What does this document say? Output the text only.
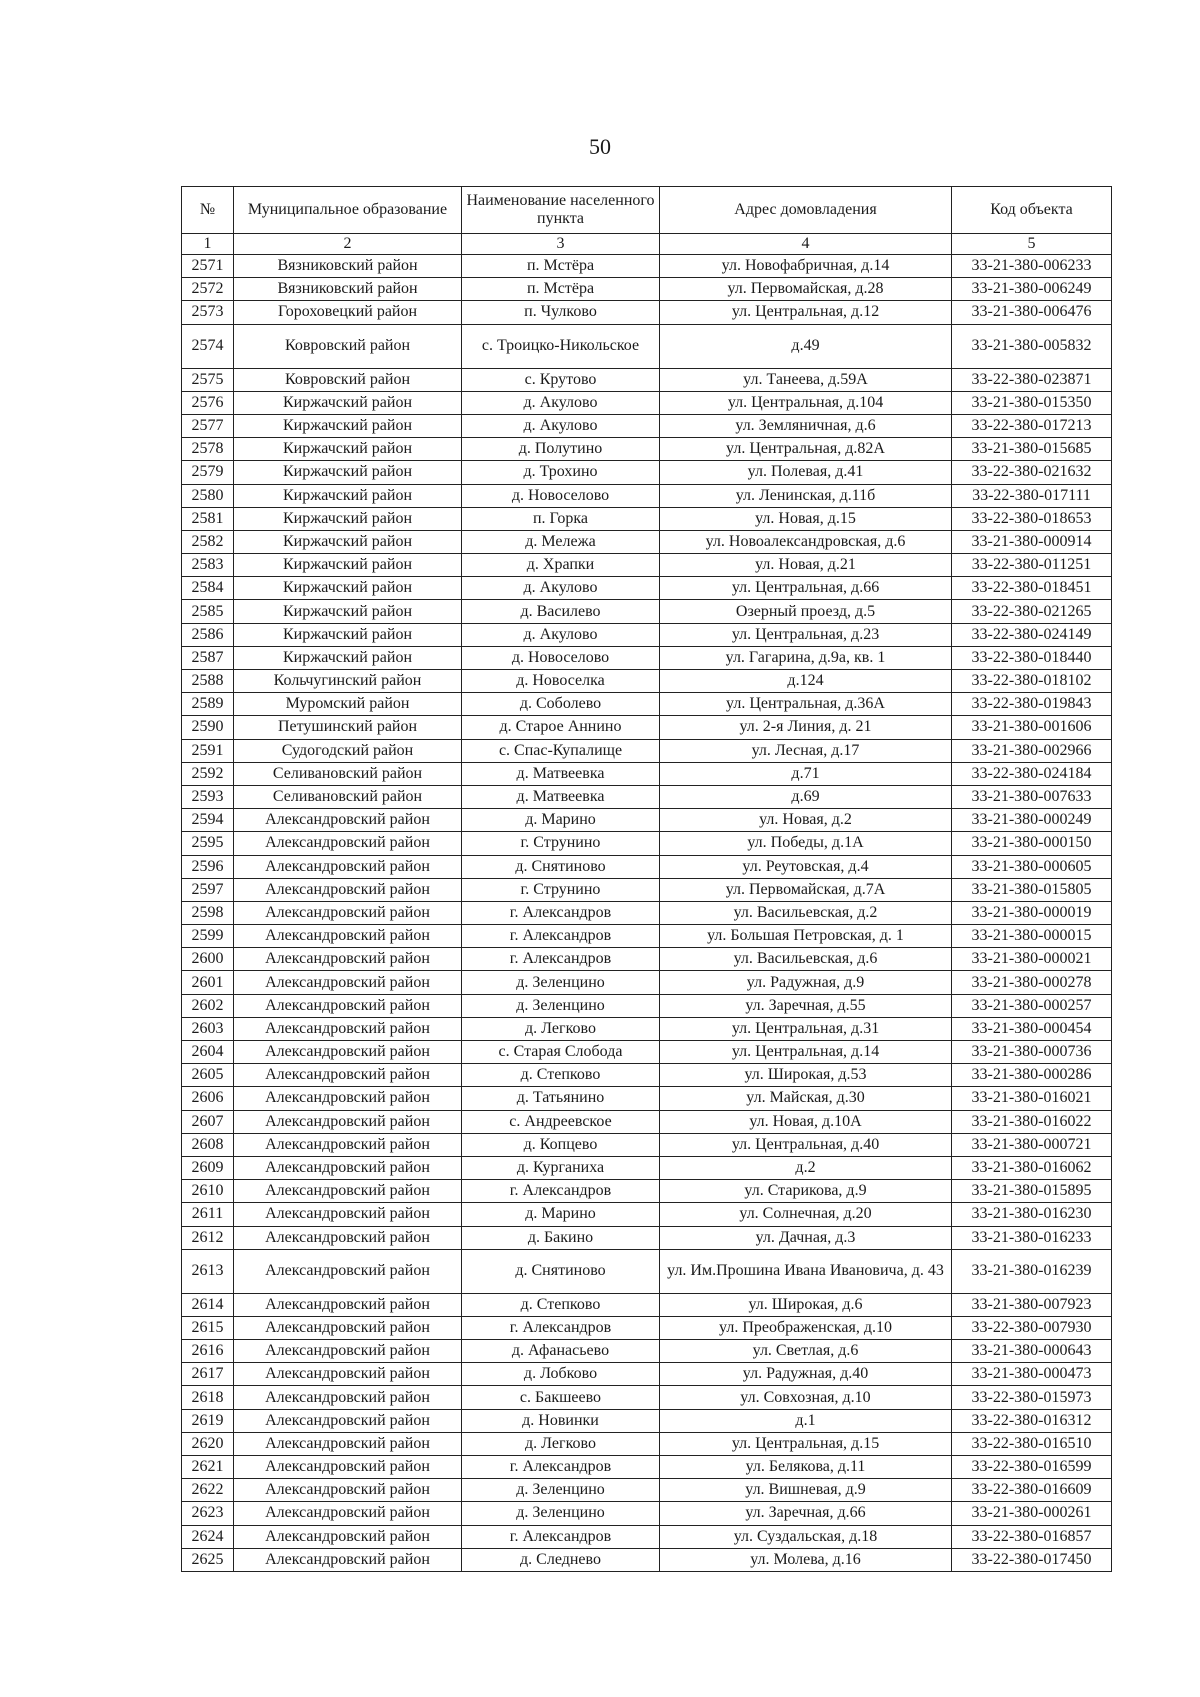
50
№	Муниципальное образование	Наименование населенного пункта	Адрес домовладения	Код объекта
1	2	3	4	5
2571	Вязниковский район	п. Мстёра	ул. Новофабричная, д.14	33-21-380-006233
2572	Вязниковский район	п. Мстёра	ул. Первомайская, д.28	33-21-380-006249
2573	Гороховецкий район	п. Чулково	ул. Центральная, д.12	33-21-380-006476
2574	Ковровский район	с. Троицко-Никольское	д.49	33-21-380-005832
2575	Ковровский район	с. Крутово	ул. Танеева, д.59А	33-22-380-023871
2576	Киржачский район	д. Акулово	ул. Центральная, д.104	33-21-380-015350
2577	Киржачский район	д. Акулово	ул. Земляничная, д.6	33-22-380-017213
2578	Киржачский район	д. Полутино	ул. Центральная, д.82А	33-21-380-015685
2579	Киржачский район	д. Трохино	ул. Полевая, д.41	33-22-380-021632
2580	Киржачский район	д. Новоселово	ул. Ленинская, д.11б	33-22-380-017111
2581	Киржачский район	п. Горка	ул. Новая, д.15	33-22-380-018653
2582	Киржачский район	д. Мележа	ул. Новоалександровская, д.6	33-21-380-000914
2583	Киржачский район	д. Храпки	ул. Новая, д.21	33-22-380-011251
2584	Киржачский район	д. Акулово	ул. Центральная, д.66	33-22-380-018451
2585	Киржачский район	д. Василево	Озерный проезд, д.5	33-22-380-021265
2586	Киржачский район	д. Акулово	ул. Центральная, д.23	33-22-380-024149
2587	Киржачский район	д. Новоселово	ул. Гагарина, д.9а, кв. 1	33-22-380-018440
2588	Кольчугинский район	д. Новоселка	д.124	33-22-380-018102
2589	Муромский район	д. Соболево	ул. Центральная, д.36А	33-22-380-019843
2590	Петушинский район	д. Старое Аннино	ул. 2-я Линия, д. 21	33-21-380-001606
2591	Судогодский район	с. Спас-Купалище	ул. Лесная, д.17	33-21-380-002966
2592	Селивановский район	д. Матвеевка	д.71	33-22-380-024184
2593	Селивановский район	д. Матвеевка	д.69	33-21-380-007633
2594	Александровский район	д. Марино	ул. Новая, д.2	33-21-380-000249
2595	Александровский район	г. Струнино	ул. Победы, д.1А	33-21-380-000150
2596	Александровский район	д. Снятиново	ул. Реутовская, д.4	33-21-380-000605
2597	Александровский район	г. Струнино	ул. Первомайская, д.7А	33-21-380-015805
2598	Александровский район	г. Александров	ул. Васильевская, д.2	33-21-380-000019
2599	Александровский район	г. Александров	ул. Большая Петровская, д. 1	33-21-380-000015
2600	Александровский район	г. Александров	ул. Васильевская, д.6	33-21-380-000021
2601	Александровский район	д. Зеленцино	ул. Радужная, д.9	33-21-380-000278
2602	Александровский район	д. Зеленцино	ул. Заречная, д.55	33-21-380-000257
2603	Александровский район	д. Легково	ул. Центральная, д.31	33-21-380-000454
2604	Александровский район	с. Старая Слобода	ул. Центральная, д.14	33-21-380-000736
2605	Александровский район	д. Степково	ул. Широкая, д.53	33-21-380-000286
2606	Александровский район	д. Татьянино	ул. Майская, д.30	33-21-380-016021
2607	Александровский район	с. Андреевское	ул. Новая, д.10А	33-21-380-016022
2608	Александровский район	д. Копцево	ул. Центральная, д.40	33-21-380-000721
2609	Александровский район	д. Курганиха	д.2	33-21-380-016062
2610	Александровский район	г. Александров	ул. Старикова, д.9	33-21-380-015895
2611	Александровский район	д. Марино	ул. Солнечная, д.20	33-21-380-016230
2612	Александровский район	д. Бакино	ул. Дачная, д.3	33-21-380-016233
2613	Александровский район	д. Снятиново	ул. Им.Прошина Ивана Ивановича, д. 43	33-21-380-016239
2614	Александровский район	д. Степково	ул. Широкая, д.6	33-21-380-007923
2615	Александровский район	г. Александров	ул. Преображенская, д.10	33-22-380-007930
2616	Александровский район	д. Афанасьево	ул. Светлая, д.6	33-21-380-000643
2617	Александровский район	д. Лобково	ул. Радужная, д.40	33-21-380-000473
2618	Александровский район	с. Бакшеево	ул. Совхозная, д.10	33-22-380-015973
2619	Александровский район	д. Новинки	д.1	33-22-380-016312
2620	Александровский район	д. Легково	ул. Центральная, д.15	33-22-380-016510
2621	Александровский район	г. Александров	ул. Белякова, д.11	33-22-380-016599
2622	Александровский район	д. Зеленцино	ул. Вишневая, д.9	33-22-380-016609
2623	Александровский район	д. Зеленцино	ул. Заречная, д.66	33-21-380-000261
2624	Александровский район	г. Александров	ул. Суздальская, д.18	33-22-380-016857
2625	Александровский район	д. Следнево	ул. Молева, д.16	33-22-380-017450
